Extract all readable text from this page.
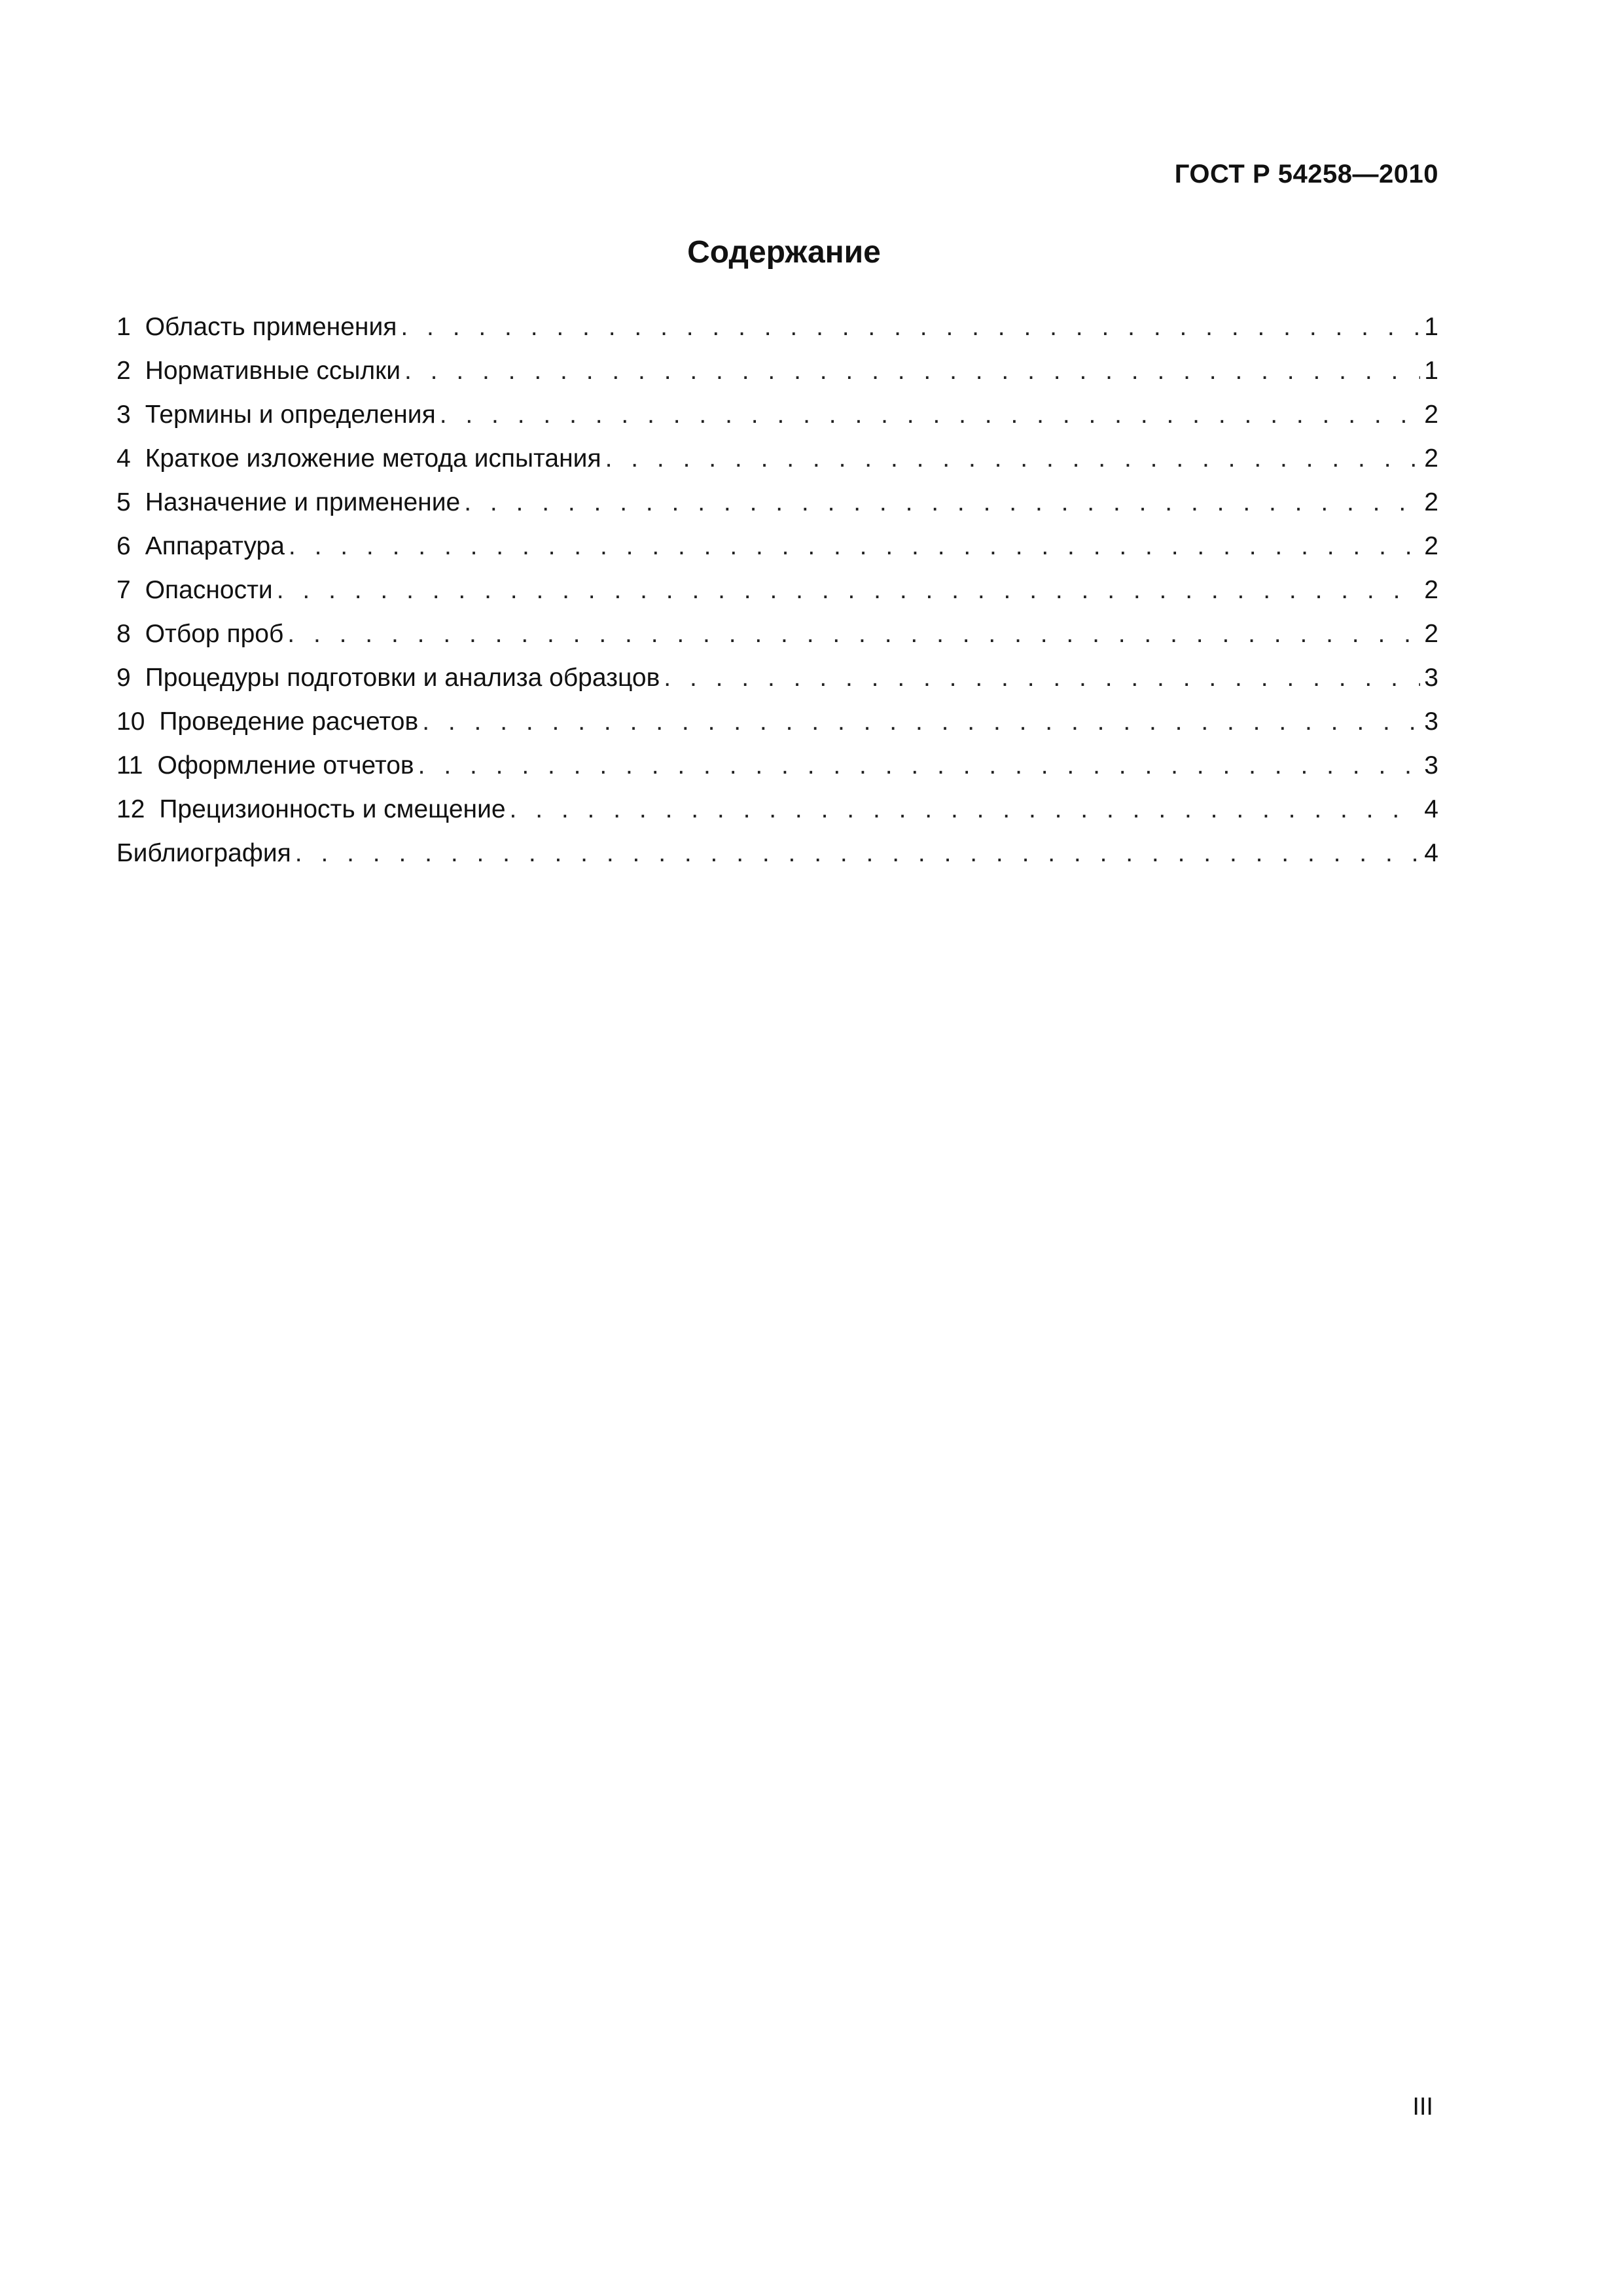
ГОСТ Р 54258—2010
Содержание
1 Область применения . . .	1
2 Нормативные ссылки . . .	1
3 Термины и определения . . .	2
4 Краткое изложение метода испытания . . .	2
5 Назначение и применение . . .	2
6 Аппаратура . . .	2
7 Опасности . . .	2
8 Отбор проб . . .	2
9 Процедуры подготовки и анализа образцов . . .	3
10 Проведение расчетов . . .	3
11 Оформление отчетов . . .	3
12 Прецизионность и смещение . . .	4
Библиография . . .	4
III
